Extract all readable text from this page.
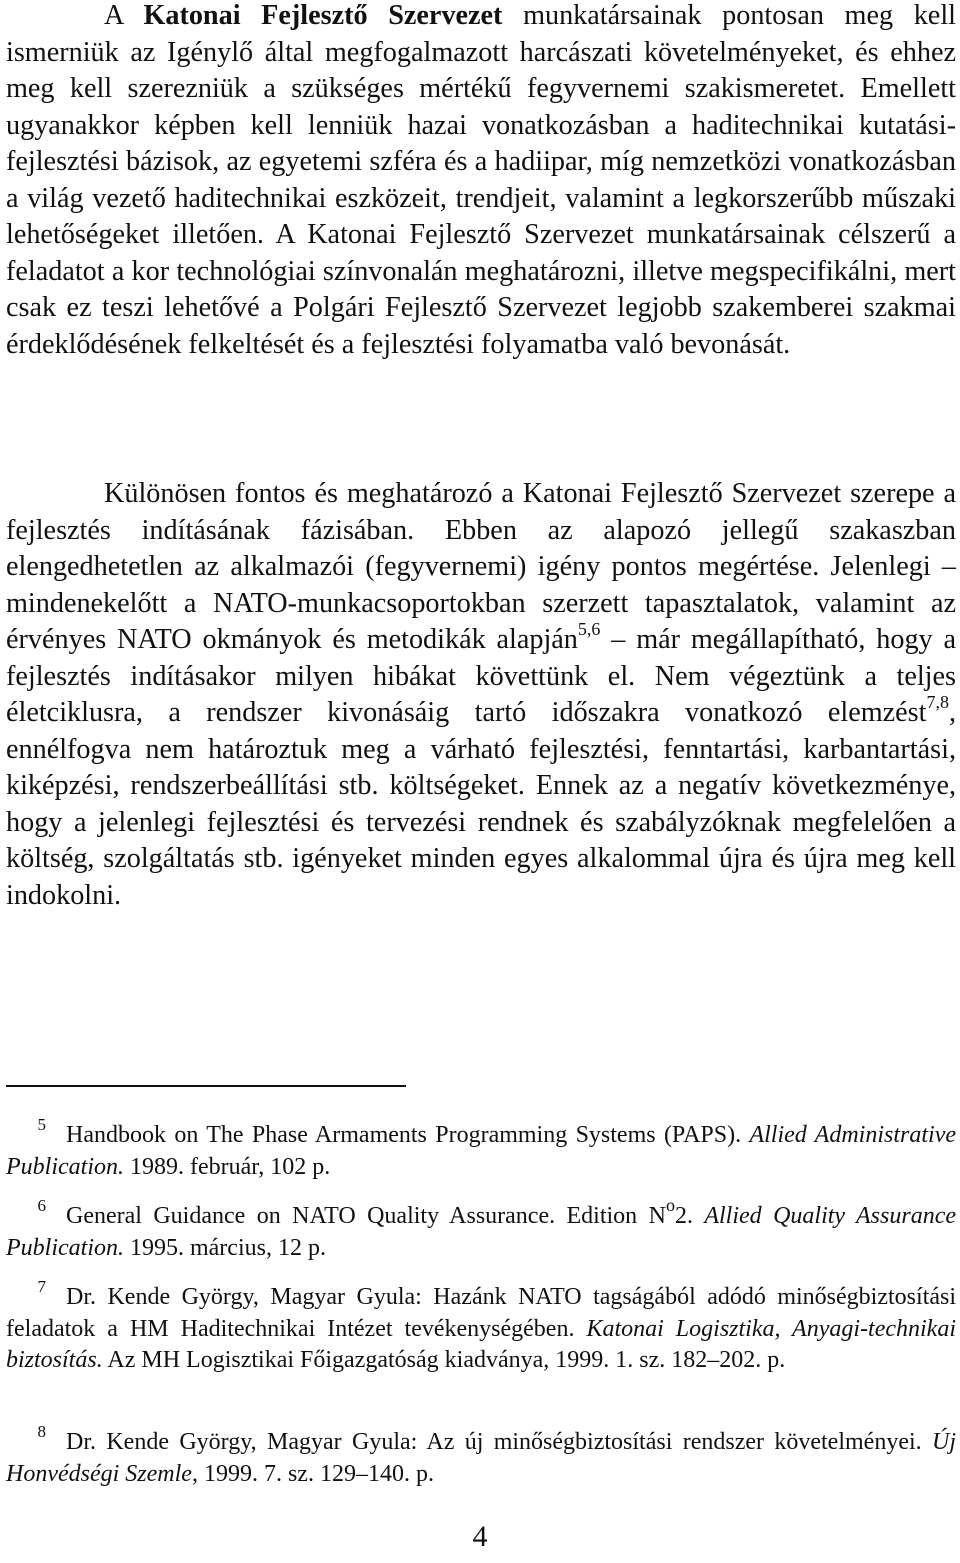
A Katonai Fejlesztő Szervezet munkatársainak pontosan meg kell ismerniük az Igénylő által megfogalmazott harcászati követelményeket, és ehhez meg kell szerezniük a szükséges mértékű fegyvernemi szakismeretet. Emellett ugyanakkor képben kell lenniük hazai vonatkozásban a haditechnikai kutatási-fejlesztési bázisok, az egyetemi szféra és a hadiipar, míg nemzetközi vonatkozásban a világ vezető haditechnikai eszközeit, trendjeit, valamint a legkorszerűbb műszaki lehetőségeket illetően. A Katonai Fejlesztő Szervezet munkatársainak célszerű a feladatot a kor technológiai színvonalán meghatározni, illetve megspecifikálni, mert csak ez teszi lehetővé a Polgári Fejlesztő Szervezet legjobb szakemberei szakmai érdeklődésének felkeltését és a fejlesztési folyamatba való bevonását.

Különösen fontos és meghatározó a Katonai Fejlesztő Szervezet szerepe a fejlesztés indításának fázisában. Ebben az alapozó jellegű szakaszban elengedhetetlen az alkalmazói (fegyvernemi) igény pontos megértése. Jelenlegi – mindenekelőtt a NATO-munkacsoportokban szerzett tapasztalatok, valamint az érvényes NATO okmányok és metodikák alapján$^{5,6}$ – már megállapítható, hogy a fejlesztés indításakor milyen hibákat követtünk el. Nem végeztünk a teljes életciklusra, a rendszer kivonásáig tartó időszakra vonatkozó elemzést$^{7,8}$, ennélfogva nem határoztuk meg a várható fejlesztési, fenntartási, karbantartási, kiképzési, rendszerbeállítási stb. költségeket. Ennek az a negatív következménye, hogy a jelenlegi fejlesztési és tervezési rendnek és szabályzóknak megfelelően a költség, szolgáltatás stb. igényeket minden egyes alkalommal újra és újra meg kell indokolni.

$^5$ Handbook on The Phase Armaments Programming Systems (PAPS). Allied Administrative Publication. 1989. február, 102 p.

$^6$ General Guidance on NATO Quality Assurance. Edition $N^o2$. Allied Quality Assurance Publication. 1995. március, 12 p.

$^7$ Dr. Kende György, Magyar Gyula: Hazánk NATO tagságából adódó minőségbiztosítási feladatok a HM Haditechnikai Intézet tevékenységében. Katonai Logisztika, Anyagi-technikai biztosítás. Az MH Logisztikai Főigazgatóság kiadványa, 1999. 1. sz. 182–202. p.

$^8$ Dr. Kende György, Magyar Gyula: Az új minőségbiztosítási rendszer követelményei. Új Honvédségi Szemle, 1999. 7. sz. 129–140. p.

4
